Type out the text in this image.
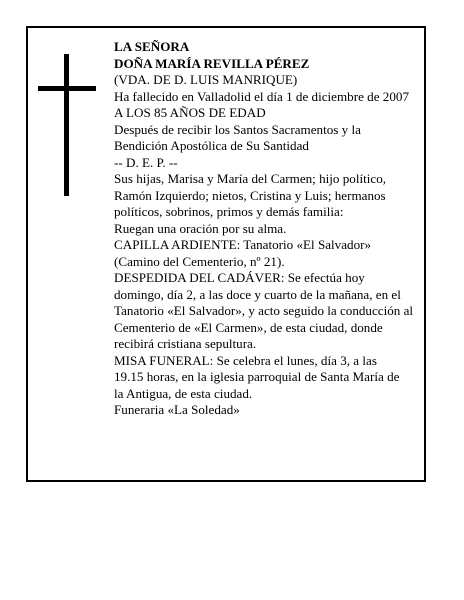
LA SEÑORA
DOÑA MARÍA REVILLA PÉREZ
(VDA. DE D. LUIS MANRIQUE)
Ha fallecido en Valladolid el día 1 de diciembre de 2007
A LOS 85 AÑOS DE EDAD
Después de recibir los Santos Sacramentos y la
Bendición Apostólica de Su Santidad
-- D. E. P. --
Sus hijas, Marisa y María del Carmen; hijo político,
Ramón Izquierdo; nietos, Cristina y Luis; hermanos
políticos, sobrinos, primos y demás familia:
Ruegan una oración por su alma.
CAPILLA ARDIENTE: Tanatorio «El Salvador»
(Camino del Cementerio, nº 21).
DESPEDIDA DEL CADÁVER: Se efectúa hoy
domingo, día 2, a las doce y cuarto de la mañana, en el
Tanatorio «El Salvador», y acto seguido la conducción al
Cementerio de «El Carmen», de esta ciudad, donde
recibirá cristiana sepultura.
MISA FUNERAL: Se celebra el lunes, día 3, a las
19.15 horas, en la iglesia parroquial de Santa María de
la Antigua, de esta ciudad.
Funeraria «La Soledad»
